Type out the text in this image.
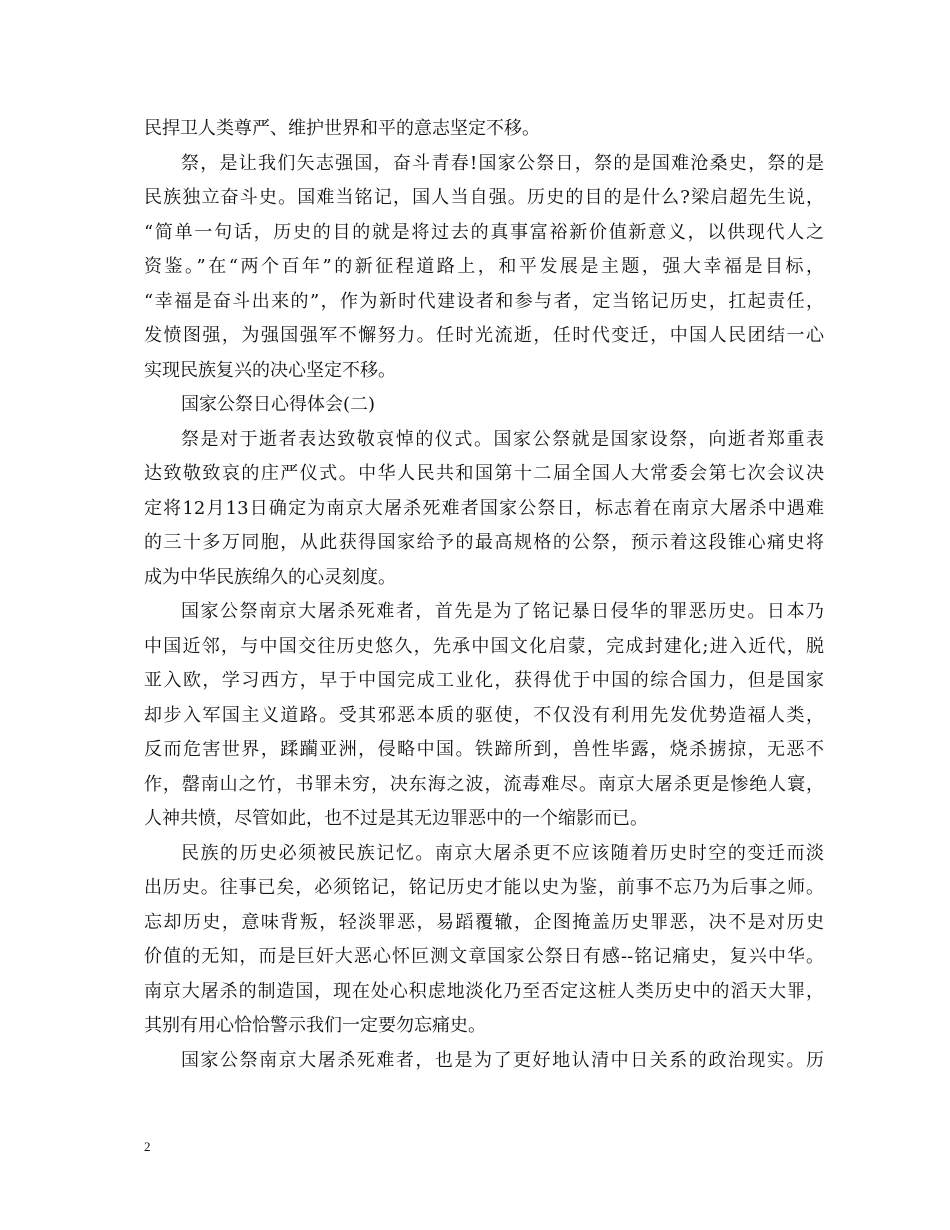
民捍卫人类尊严、维护世界和平的意志坚定不移。
祭，是让我们矢志强国，奋斗青春!国家公祭日，祭的是国难沧桑史，祭的是
民族独立奋斗史。国难当铭记，国人当自强。历史的目的是什么?梁启超先生说，
“简单一句话，历史的目的就是将过去的真事富裕新价值新意义，以供现代人之
资鉴。”在“两个百年”的新征程道路上，和平发展是主题，强大幸福是目标，
“幸福是奋斗出来的”，作为新时代建设者和参与者，定当铭记历史，扛起责任，
发愤图强，为强国强军不懈努力。任时光流逝，任时代变迁，中国人民团结一心
实现民族复兴的决心坚定不移。
国家公祭日心得体会(二)
祭是对于逝者表达致敬哀悼的仪式。国家公祭就是国家设祭，向逝者郑重表
达致敬致哀的庄严仪式。中华人民共和国第十二届全国人大常委会第七次会议决
定将12月13日确定为南京大屠杀死难者国家公祭日，标志着在南京大屠杀中遇难
的三十多万同胞，从此获得国家给予的最高规格的公祭，预示着这段锥心痛史将
成为中华民族绵久的心灵刻度。
国家公祭南京大屠杀死难者，首先是为了铭记暴日侵华的罪恶历史。日本乃
中国近邻，与中国交往历史悠久，先承中国文化启蒙，完成封建化;进入近代，脱
亚入欧，学习西方，早于中国完成工业化，获得优于中国的综合国力，但是国家
却步入军国主义道路。受其邪恶本质的驱使，不仅没有利用先发优势造福人类，
反而危害世界，蹂躏亚洲，侵略中国。铁蹄所到，兽性毕露，烧杀掳掠，无恶不
作，罄南山之竹，书罪未穷，决东海之波，流毒难尽。南京大屠杀更是惨绝人寰，
人神共愤，尽管如此，也不过是其无边罪恶中的一个缩影而已。
民族的历史必须被民族记忆。南京大屠杀更不应该随着历史时空的变迁而淡
出历史。往事已矣，必须铭记，铭记历史才能以史为鉴，前事不忘乃为后事之师。
忘却历史，意味背叛，轻淡罪恶，易蹈覆辙，企图掩盖历史罪恶，决不是对历史
价值的无知，而是巨奸大恶心怀叵测文章国家公祭日有感--铭记痛史，复兴中华。
南京大屠杀的制造国，现在处心积虑地淡化乃至否定这桩人类历史中的滔天大罪，
其别有用心恰恰警示我们一定要勿忘痛史。
国家公祭南京大屠杀死难者，也是为了更好地认清中日关系的政治现实。历
2
